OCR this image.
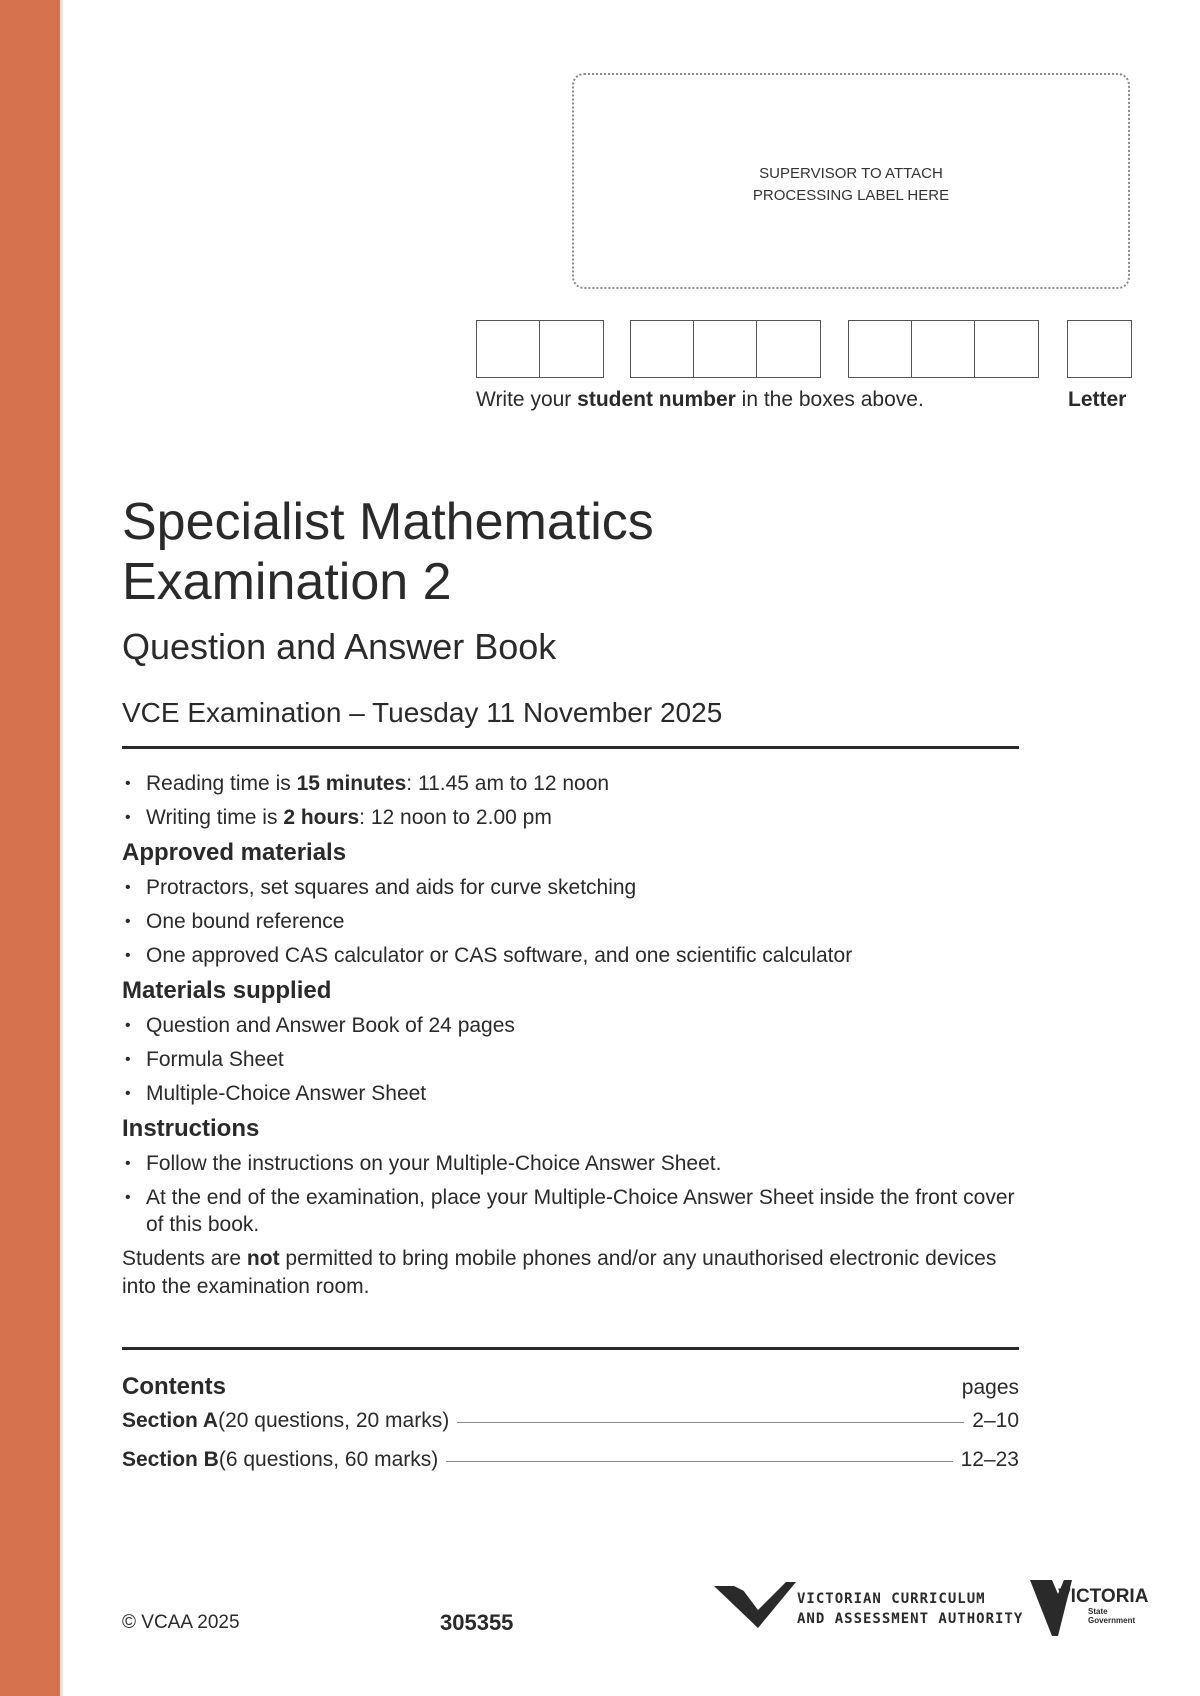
SUPERVISOR TO ATTACH
PROCESSING LABEL HERE
Write your student number in the boxes above.	Letter
Specialist Mathematics
Examination 2
Question and Answer Book
VCE Examination – Tuesday 11 November 2025
• Reading time is 15 minutes: 11.45 am to 12 noon
• Writing time is 2 hours: 12 noon to 2.00 pm
Approved materials
• Protractors, set squares and aids for curve sketching
• One bound reference
• One approved CAS calculator or CAS software, and one scientific calculator
Materials supplied
• Question and Answer Book of 24 pages
• Formula Sheet
• Multiple-Choice Answer Sheet
Instructions
• Follow the instructions on your Multiple-Choice Answer Sheet.
• At the end of the examination, place your Multiple-Choice Answer Sheet inside the front cover of this book.

Students are not permitted to bring mobile phones and/or any unauthorised electronic devices into the examination room.

Contents	pages
Section A (20 questions, 20 marks)	2–10
Section B (6 questions, 60 marks)	12–23
© VCAA 2025	305355
VICTORIAN CURRICULUM
AND ASSESSMENT AUTHORITY
VICTORIA
State
Government
